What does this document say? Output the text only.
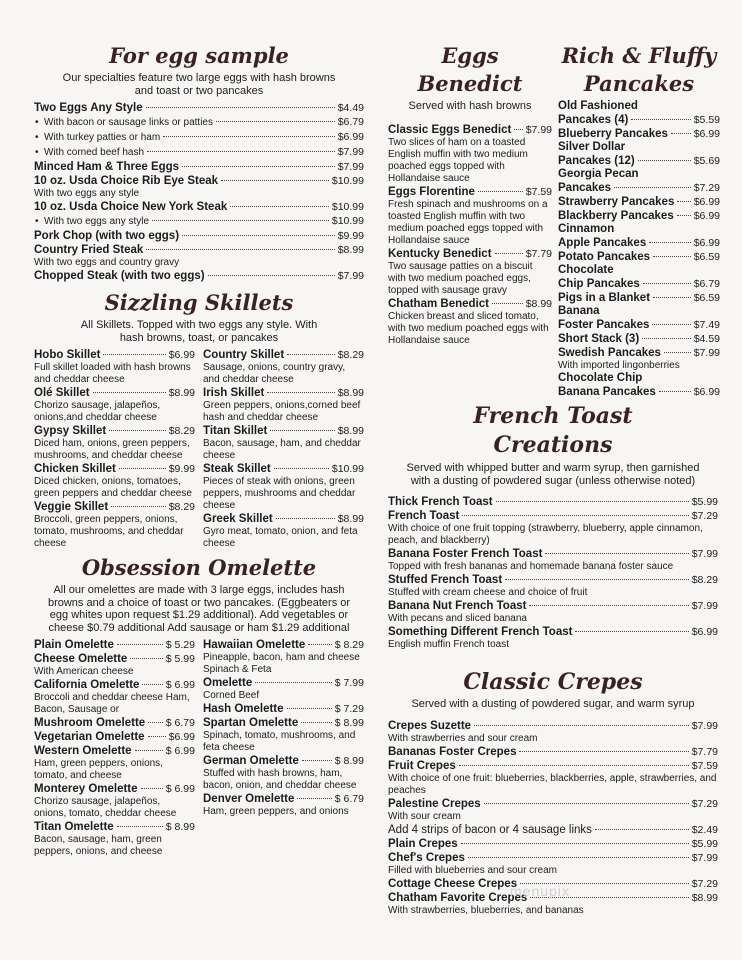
For egg sample
Our specialties feature two large eggs with hash browns and toast or two pancakes
Two Eggs Any Style	$4.49
• With bacon or sausage links or patties	$6.79
• With turkey patties or ham	$6.99
• With corned beef hash	$7.99
Minced Ham & Three Eggs	$7.99
10 oz. Usda Choice Rib Eye Steak	$10.99
With two eggs any style
10 oz. Usda Choice New York Steak	$10.99
• With two eggs any style	$10.99
Pork Chop (with two eggs)	$9.99
Country Fried Steak	$8.99
With two eggs and country gravy
Chopped Steak (with two eggs)	$7.99
Sizzling Skillets
All Skillets. Topped with two eggs any style. With hash browns, toast, or pancakes
Hobo Skillet	$6.99
Full skillet loaded with hash browns and cheddar cheese
Olé Skillet	$8.99
Chorizo sausage, jalapeños, onions,and cheddar cheese
Gypsy Skillet	$8.29
Diced ham, onions, green peppers, mushrooms, and cheddar cheese
Chicken Skillet	$9.99
Diced chicken, onions, tomatoes, green peppers and cheddar cheese
Veggie Skillet	$8.29
Broccoli, green peppers, onions, tomato, mushrooms, and cheddar cheese
Country Skillet	$8.29
Sausage, onions, country gravy, and cheddar cheese
Irish Skillet	$8.99
Green peppers, onions,corned beef hash and cheddar cheese
Titan Skillet	$8.99
Bacon, sausage, ham, and cheddar cheese
Steak Skillet	$10.99
Pieces of steak with onions, green peppers, mushrooms and cheddar cheese
Greek Skillet	$8.99
Gyro meat, tomato, onion, and feta cheese
Obsession Omelette
All our omelettes are made with 3 large eggs, includes hash browns and a choice of toast or two pancakes. (Eggbeaters or egg whites upon request $1.29 additional). Add vegetables or cheese $0.79 additional Add sausage or ham $1.29 additional
Plain Omelette	$ 5.29
Cheese Omelette	$ 5.99
With American cheese
California Omelette	$ 6.99
Broccoli and cheddar cheese Ham, Bacon, Sausage or
Mushroom Omelette $ 6.79
Vegetarian Omelette $6.99
Western Omelette	$ 6.99
Ham, green peppers, onions, tomato, and cheese
Monterey Omelette	$ 6.99
Chorizo sausage, jalapeños, onions, tomato, cheddar cheese
Titan Omelette	$ 8.99
Bacon, sausage, ham, green peppers, onions, and cheese
Hawaiian Omelette	$ 8.29
Pineapple, bacon, ham and cheese Spinach & Feta
Omelette	$ 7.99
Corned Beef
Hash Omelette	$ 7.29
Spartan Omelette	$ 8.99
Spinach, tomato, mushrooms, and feta cheese
German Omelette	$ 8.99
Stuffed with hash browns, ham, bacon, onion, and cheddar cheese
Denver Omelette	$ 6.79
Ham, green peppers, and onions
Eggs Benedict
Served with hash browns
Classic Eggs Benedict $7.99
Two slices of ham on a toasted English muffin with two medium poached eggs topped with Hollandaise sauce
Eggs Florentine	$7.59
Fresh spinach and mushrooms on a toasted English muffin with two medium poached eggs topped with Hollandaise sauce
Kentucky Benedict	$7.79
Two sausage patties on a biscuit with two medium poached eggs, topped with sausage gravy
Chatham Benedict	$8.99
Chicken breast and sliced tomato, with two medium poached eggs with Hollandaise sauce
Rich & Fluffy Pancakes
Old Fashioned
Pancakes (4)	$5.59
Blueberry Pancakes $6.99
Silver Dollar
Pancakes (12)	$5.69
Georgia Pecan
Pancakes	$7.29
Strawberry Pancakes $6.99
Blackberry Pancakes $6.99
Cinnamon
Apple Pancakes	$6.99
Potato Pancakes	$6.59
Chocolate
Chip Pancakes	$6.79
Pigs in a Blanket	$6.59
Banana
Foster Pancakes	$7.49
Short Stack (3)	$4.59
Swedish Pancakes	$7.99
With imported lingonberries
Chocolate Chip
Banana Pancakes	$6.99
French Toast Creations
Served with whipped butter and warm syrup, then garnished with a dusting of powdered sugar (unless otherwise noted)
Thick French Toast	$5.99
French Toast	$7.29
With choice of one fruit topping (strawberry, blueberry, apple cinnamon, peach, and blackberry)
Banana Foster French Toast	$7.99
Topped with fresh bananas and homemade banana foster sauce
Stuffed French Toast	$8.29
Stuffed with cream cheese and choice of fruit
Banana Nut French Toast	$7.99
With pecans and sliced banana
Something Different French Toast	$6.99
English muffin French toast
Classic Crepes
Served with a dusting of powdered sugar, and warm syrup
Crepes Suzette	$7.99
With strawberries and sour cream
Bananas Foster Crepes	$7.79
Fruit Crepes	$7.59
With choice of one fruit: blueberries, blackberries, apple, strawberries, and peaches
Palestine Crepes	$7.29
With sour cream
Add 4 strips of bacon or 4 sausage links	$2.49
Plain Crepes	$5.99
Chef's Crepes	$7.99
Filled with blueberries and sour cream
Cottage Cheese Crepes	$7.29
Chatham Favorite Crepes	$8.99
With strawberries, blueberries, and bananas
menupix
